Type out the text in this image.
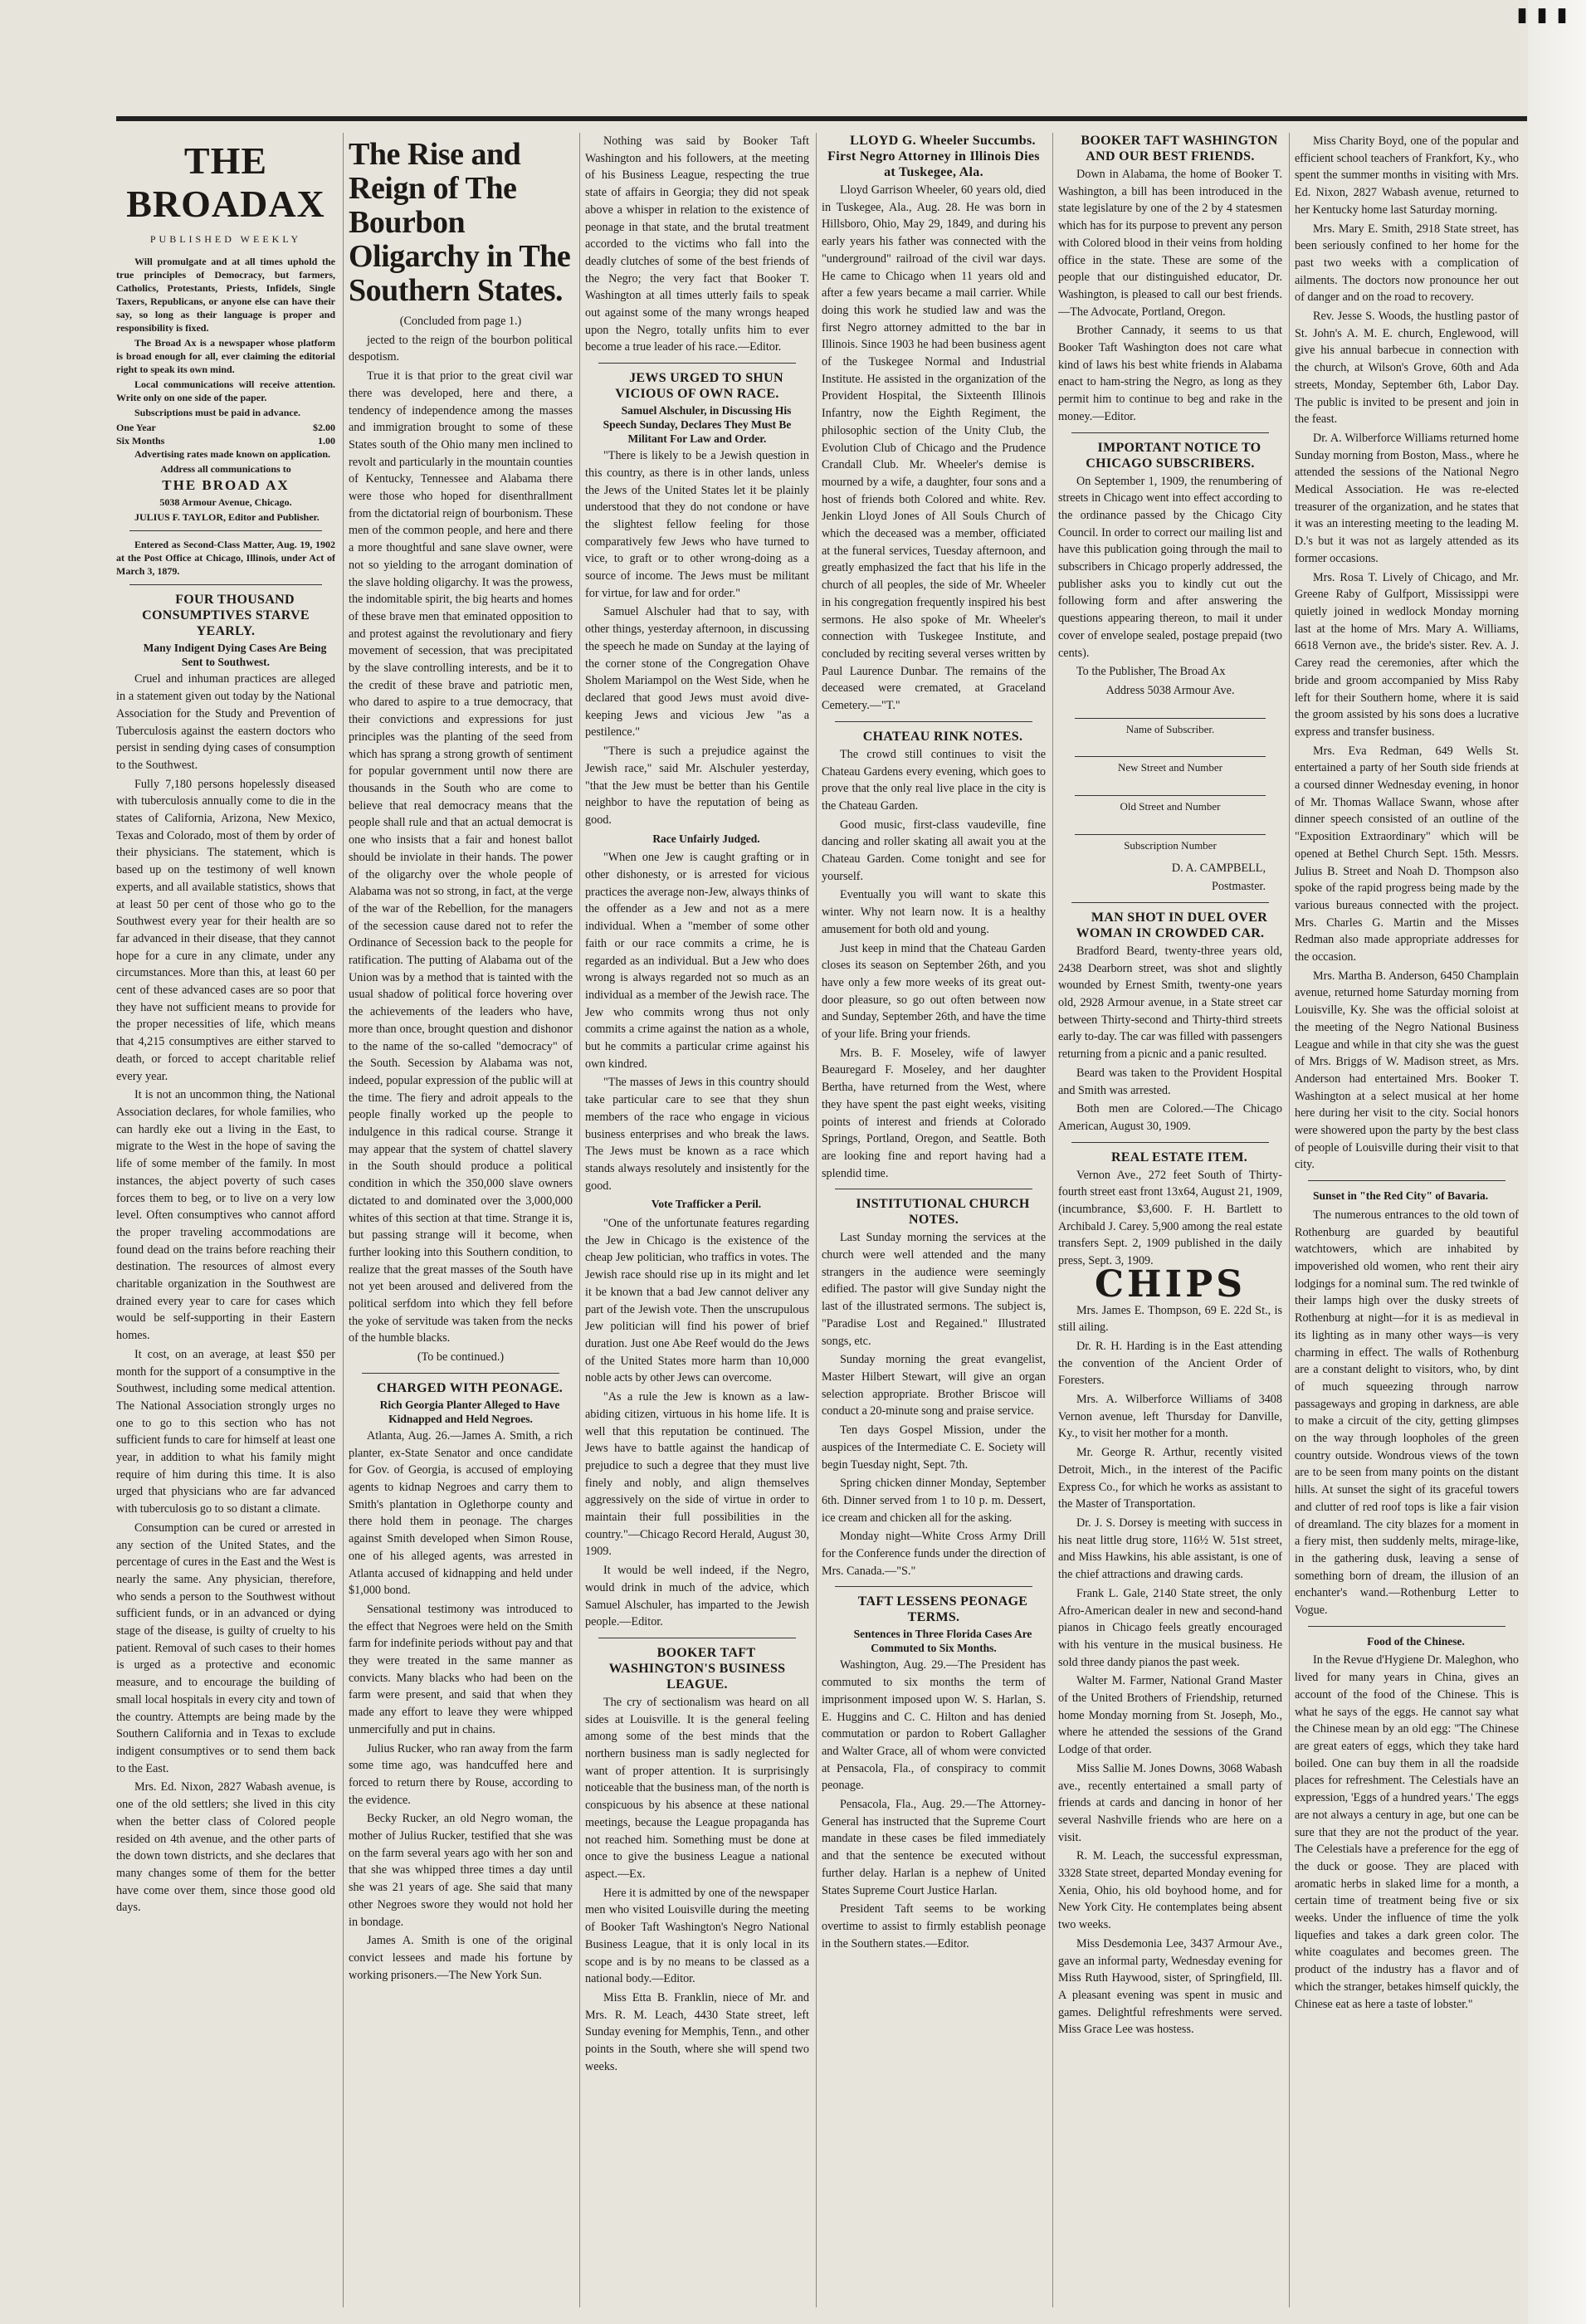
▮▮▮
THE BROADAX
PUBLISHED WEEKLY

Will promulgate and at all times uphold the true principles of Democracy, but farmers, Catholics, Protestants, Priests, Infidels, Single Taxers, Republicans, or anyone else can have their say, so long as their language is proper and responsibility is fixed.

The Broad Ax is a newspaper whose platform is broad enough for all, ever claiming the editorial right to speak its own mind.

Local communications will receive attention. Write only on one side of the paper.

Subscriptions must be paid in advance.

One Year	$2.00
Six Months	1.00

Advertising rates made known on application.

Address all communications to

THE BROAD AX

5038 Armour Avenue, Chicago.

JULIUS F. TAYLOR, Editor and Publisher.

Entered as Second-Class Matter, Aug. 19, 1902 at the Post Office at Chicago, Illinois, under Act of March 3, 1879.

FOUR THOUSAND CONSUMPTIVES STARVE YEARLY.

Many Indigent Dying Cases Are Being Sent to Southwest.

Cruel and inhuman practices are alleged in a statement given out today by the National Association for the Study and Prevention of Tuberculosis against the eastern doctors who persist in sending dying cases of consumption to the Southwest.

Fully 7,180 persons hopelessly diseased with tuberculosis annually come to die in the states of California, Arizona, New Mexico, Texas and Colorado, most of them by order of their physicians. The statement, which is based up on the testimony of well known experts, and all available statistics, shows that at least 50 per cent of those who go to the Southwest every year for their health are so far advanced in their disease, that they cannot hope for a cure in any climate, under any circumstances. More than this, at least 60 per cent of these advanced cases are so poor that they have not sufficient means to provide for the proper necessities of life, which means that 4,215 consumptives are either starved to death, or forced to accept charitable relief every year.

It is not an uncommon thing, the National Association declares, for whole families, who can hardly eke out a living in the East, to migrate to the West in the hope of saving the life of some member of the family. In most instances, the abject poverty of such cases forces them to beg, or to live on a very low level. Often consumptives who cannot afford the proper traveling accommodations are found dead on the trains before reaching their destination. The resources of almost every charitable organization in the Southwest are drained every year to care for cases which would be self-supporting in their Eastern homes.

It cost, on an average, at least $50 per month for the support of a consumptive in the Southwest, including some medical attention. The National Association strongly urges no one to go to this section who has not sufficient funds to care for himself at least one year, in addition to what his family might require of him during this time. It is also urged that physicians who are far advanced with tuberculosis go to so distant a climate.

Consumption can be cured or arrested in any section of the United States, and the percentage of cures in the East and the West is nearly the same. Any physician, therefore, who sends a person to the Southwest without sufficient funds, or in an advanced or dying stage of the disease, is guilty of cruelty to his patient. Removal of such cases to their homes is urged as a protective and economic measure, and to encourage the building of small local hospitals in every city and town of the country. Attempts are being made by the Southern California and in Texas to exclude indigent consumptives or to send them back to the East.

Mrs. Ed. Nixon, 2827 Wabash avenue, is one of the old settlers; she lived in this city when the better class of Colored people resided on 4th avenue, and the other parts of the down town districts, and she declares that many changes some of them for the better have come over them, since those good old days.

The Rise and Reign of The Bourbon Oligarchy in The Southern States.

(Concluded from page 1.)

jected to the reign of the bourbon political despotism.

True it is that prior to the great civil war there was developed, here and there, a tendency of independence among the masses and immigration brought to some of these States south of the Ohio many men inclined to revolt and particularly in the mountain counties of Kentucky, Tennessee and Alabama there were those who hoped for disenthrallment from the dictatorial reign of bourbonism. These men of the common people, and here and there a more thoughtful and sane slave owner, were not so yielding to the arrogant domination of the slave holding oligarchy. It was the prowess, the indomitable spirit, the big hearts and homes of these brave men that eminated opposition to and protest against the revolutionary and fiery movement of secession, that was precipitated by the slave controlling interests, and be it to the credit of these brave and patriotic men, who dared to aspire to a true democracy, that their convictions and expressions for just principles was the planting of the seed from which has sprang a strong growth of sentiment for popular government until now there are thousands in the South who are come to believe that real democracy means that the people shall rule and that an actual democrat is one who insists that a fair and honest ballot should be inviolate in their hands. The power of the oligarchy over the whole people of Alabama was not so strong, in fact, at the verge of the war of the Rebellion, for the managers of the secession cause dared not to refer the Ordinance of Secession back to the people for ratification. The putting of Alabama out of the Union was by a method that is tainted with the usual shadow of political force hovering over the achievements of the leaders who have, more than once, brought question and dishonor to the name of the so-called "democracy" of the South. Secession by Alabama was not, indeed, popular expression of the public will at the time. The fiery and adroit appeals to the people finally worked up the people to indulgence in this radical course. Strange it may appear that the system of chattel slavery in the South should produce a political condition in which the 350,000 slave owners dictated to and dominated over the 3,000,000 whites of this section at that time. Strange it is, but passing strange will it become, when further looking into this Southern condition, to realize that the great masses of the South have not yet been aroused and delivered from the political serfdom into which they fell before the yoke of servitude was taken from the necks of the humble blacks.

(To be continued.)

CHARGED WITH PEONAGE.

Rich Georgia Planter Alleged to Have Kidnapped and Held Negroes.

Atlanta, Aug. 26.—James A. Smith, a rich planter, ex-State Senator and once candidate for Gov. of Georgia, is accused of employing agents to kidnap Negroes and carry them to Smith's plantation in Oglethorpe county and there hold them in peonage. The charges against Smith developed when Simon Rouse, one of his alleged agents, was arrested in Atlanta accused of kidnapping and held under $1,000 bond.

Sensational testimony was introduced to the effect that Negroes were held on the Smith farm for indefinite periods without pay and that they were treated in the same manner as convicts. Many blacks who had been on the farm were present, and said that when they made any effort to leave they were whipped unmercifully and put in chains.

Julius Rucker, who ran away from the farm some time ago, was handcuffed here and forced to return there by Rouse, according to the evidence.

Becky Rucker, an old Negro woman, the mother of Julius Rucker, testified that she was on the farm several years ago with her son and that she was whipped three times a day until she was 21 years of age. She said that many other Negroes swore they would not hold her in bondage.

James A. Smith is one of the original convict lessees and made his fortune by working prisoners.—The New York Sun.

Nothing was said by Booker Taft Washington and his followers, at the meeting of his Business League, respecting the true state of affairs in Georgia; they did not speak above a whisper in relation to the existence of peonage in that state, and the brutal treatment accorded to the victims who fall into the deadly clutches of some of the best friends of the Negro; the very fact that Booker T. Washington at all times utterly fails to speak out against some of the many wrongs heaped upon the Negro, totally unfits him to ever become a true leader of his race.—Editor.

JEWS URGED TO SHUN VICIOUS OF OWN RACE.

Samuel Alschuler, in Discussing His Speech Sunday, Declares They Must Be Militant For Law and Order.

"There is likely to be a Jewish question in this country, as there is in other lands, unless the Jews of the United States let it be plainly understood that they do not condone or have the slightest fellow feeling for those comparatively few Jews who have turned to vice, to graft or to other wrong-doing as a source of income. The Jews must be militant for virtue, for law and for order."

Samuel Alschuler had that to say, with other things, yesterday afternoon, in discussing the speech he made on Sunday at the laying of the corner stone of the Congregation Ohave Sholem Mariampol on the West Side, when he declared that good Jews must avoid dive-keeping Jews and vicious Jew "as a pestilence."

"There is such a prejudice against the Jewish race," said Mr. Alschuler yesterday, "that the Jew must be better than his Gentile neighbor to have the reputation of being as good.

Race Unfairly Judged.

"When one Jew is caught grafting or in other dishonesty, or is arrested for vicious practices the average non-Jew, always thinks of the offender as a Jew and not as a mere individual. When a "member of some other faith or our race commits a crime, he is regarded as an individual. But a Jew who does wrong is always regarded not so much as an individual as a member of the Jewish race. The Jew who commits wrong thus not only commits a crime against the nation as a whole, but he commits a particular crime against his own kindred.

"The masses of Jews in this country should take particular care to see that they shun members of the race who engage in vicious business enterprises and who break the laws. The Jews must be known as a race which stands always resolutely and insistently for the good.

Vote Trafficker a Peril.

"One of the unfortunate features regarding the Jew in Chicago is the existence of the cheap Jew politician, who traffics in votes. The Jewish race should rise up in its might and let it be known that a bad Jew cannot deliver any part of the Jewish vote. Then the unscrupulous Jew politician will find his power of brief duration. Just one Abe Reef would do the Jews of the United States more harm than 10,000 noble acts by other Jews can overcome.

"As a rule the Jew is known as a law-abiding citizen, virtuous in his home life. It is well that this reputation be continued. The Jews have to battle against the handicap of prejudice to such a degree that they must live finely and nobly, and align themselves aggressively on the side of virtue in order to maintain their full possibilities in the country."—Chicago Record Herald, August 30, 1909.

It would be well indeed, if the Negro, would drink in much of the advice, which Samuel Alschuler, has imparted to the Jewish people.—Editor.

BOOKER TAFT WASHINGTON'S BUSINESS LEAGUE.

The cry of sectionalism was heard on all sides at Louisville. It is the general feeling among some of the best minds that the northern business man is sadly neglected for want of proper attention. It is surprisingly noticeable that the business man, of the north is conspicuous by his absence at these national meetings, because the League propaganda has not reached him. Something must be done at once to give the business League a national aspect.—Ex.

Here it is admitted by one of the newspaper men who visited Louisville during the meeting of Booker Taft Washington's Negro National Business League, that it is only local in its scope and is by no means to be classed as a national body.—Editor.

Miss Etta B. Franklin, niece of Mr. and Mrs. R. M. Leach, 4430 State street, left Sunday evening for Memphis, Tenn., and other points in the South, where she will spend two weeks.

LLOYD G. Wheeler Succumbs. First Negro Attorney in Illinois Dies at Tuskegee, Ala.

Lloyd Garrison Wheeler, 60 years old, died in Tuskegee, Ala., Aug. 28. He was born in Hillsboro, Ohio, May 29, 1849, and during his early years his father was connected with the "underground" railroad of the civil war days. He came to Chicago when 11 years old and after a few years became a mail carrier. While doing this work he studied law and was the first Negro attorney admitted to the bar in Illinois. Since 1903 he had been business agent of the Tuskegee Normal and Industrial Institute. He assisted in the organization of the Provident Hospital, the Sixteenth Illinois Infantry, now the Eighth Regiment, the philosophic section of the Unity Club, the Evolution Club of Chicago and the Prudence Crandall Club. Mr. Wheeler's demise is mourned by a wife, a daughter, four sons and a host of friends both Colored and white. Rev. Jenkin Lloyd Jones of All Souls Church of which the deceased was a member, officiated at the funeral services, Tuesday afternoon, and greatly emphasized the fact that his life in the church of all peoples, the side of Mr. Wheeler in his congregation frequently inspired his best sermons. He also spoke of Mr. Wheeler's connection with Tuskegee Institute, and concluded by reciting several verses written by Paul Laurence Dunbar. The remains of the deceased were cremated, at Graceland Cemetery.—"T."

CHATEAU RINK NOTES.

The crowd still continues to visit the Chateau Gardens every evening, which goes to prove that the only real live place in the city is the Chateau Garden.

Good music, first-class vaudeville, fine dancing and roller skating all await you at the Chateau Garden. Come tonight and see for yourself.

Eventually you will want to skate this winter. Why not learn now. It is a healthy amusement for both old and young.

Just keep in mind that the Chateau Garden closes its season on September 26th, and you have only a few more weeks of its great out-door pleasure, so go out often between now and Sunday, September 26th, and have the time of your life. Bring your friends.

Mrs. B. F. Moseley, wife of lawyer Beauregard F. Moseley, and her daughter Bertha, have returned from the West, where they have spent the past eight weeks, visiting points of interest and friends at Colorado Springs, Portland, Oregon, and Seattle. Both are looking fine and report having had a splendid time.

INSTITUTIONAL CHURCH NOTES.

Last Sunday morning the services at the church were well attended and the many strangers in the audience were seemingly edified. The pastor will give Sunday night the last of the illustrated sermons. The subject is, "Paradise Lost and Regained." Illustrated songs, etc.

Sunday morning the great evangelist, Master Hilbert Stewart, will give an organ selection appropriate. Brother Briscoe will conduct a 20-minute song and praise service.

Ten days Gospel Mission, under the auspices of the Intermediate C. E. Society will begin Tuesday night, Sept. 7th.

Spring chicken dinner Monday, September 6th. Dinner served from 1 to 10 p. m. Dessert, ice cream and chicken all for the asking.

Monday night—White Cross Army Drill for the Conference funds under the direction of Mrs. Canada.—"S."

TAFT LESSENS PEONAGE TERMS.

Sentences in Three Florida Cases Are Commuted to Six Months.

Washington, Aug. 29.—The President has commuted to six months the term of imprisonment imposed upon W. S. Harlan, S. E. Huggins and C. C. Hilton and has denied commutation or pardon to Robert Gallagher and Walter Grace, all of whom were convicted at Pensacola, Fla., of conspiracy to commit peonage.

Pensacola, Fla., Aug. 29.—The Attorney-General has instructed that the Supreme Court mandate in these cases be filed immediately and that the sentence be executed without further delay. Harlan is a nephew of United States Supreme Court Justice Harlan.

President Taft seems to be working overtime to assist to firmly establish peonage in the Southern states.—Editor.

BOOKER TAFT WASHINGTON AND OUR BEST FRIENDS.

Down in Alabama, the home of Booker T. Washington, a bill has been introduced in the state legislature by one of the 2 by 4 statesmen which has for its purpose to prevent any person with Colored blood in their veins from holding office in the state. These are some of the people that our distinguished educator, Dr. Washington, is pleased to call our best friends. —The Advocate, Portland, Oregon.

Brother Cannady, it seems to us that Booker Taft Washington does not care what kind of laws his best white friends in Alabama enact to ham-string the Negro, as long as they permit him to continue to beg and rake in the money.—Editor.

IMPORTANT NOTICE TO CHICAGO SUBSCRIBERS.

On September 1, 1909, the renumbering of streets in Chicago went into effect according to the ordinance passed by the Chicago City Council. In order to correct our mailing list and have this publication going through the mail to subscribers in Chicago properly addressed, the publisher asks you to kindly cut out the following form and after answering the questions appearing thereon, to mail it under cover of envelope sealed, postage prepaid (two cents).

To the Publisher, The Broad Ax

Address 5038 Armour Ave.

Name of Subscriber.
New Street and Number
Old Street and Number
Subscription Number

D. A. CAMPBELL,

Postmaster.

MAN SHOT IN DUEL OVER WOMAN IN CROWDED CAR.

Bradford Beard, twenty-three years old, 2438 Dearborn street, was shot and slightly wounded by Ernest Smith, twenty-one years old, 2928 Armour avenue, in a State street car between Thirty-second and Thirty-third streets early to-day. The car was filled with passengers returning from a picnic and a panic resulted.

Beard was taken to the Provident Hospital and Smith was arrested.

Both men are Colored.—The Chicago American, August 30, 1909.

REAL ESTATE ITEM.

Vernon Ave., 272 feet South of Thirty-fourth street east front 13x64, August 21, 1909, (incumbrance, $3,600. F. H. Bartlett to Archibald J. Carey. 5,900 among the real estate transfers Sept. 2, 1909 published in the daily press, Sept. 3, 1909.

CHIPS

Mrs. James E. Thompson, 69 E. 22d St., is still ailing.

Dr. R. H. Harding is in the East attending the convention of the Ancient Order of Foresters.

Mrs. A. Wilberforce Williams of 3408 Vernon avenue, left Thursday for Danville, Ky., to visit her mother for a month.

Mr. George R. Arthur, recently visited Detroit, Mich., in the interest of the Pacific Express Co., for which he works as assistant to the Master of Transportation.

Dr. J. S. Dorsey is meeting with success in his neat little drug store, 116½ W. 51st street, and Miss Hawkins, his able assistant, is one of the chief attractions and drawing cards.

Frank L. Gale, 2140 State street, the only Afro-American dealer in new and second-hand pianos in Chicago feels greatly encouraged with his venture in the musical business. He sold three dandy pianos the past week.

Walter M. Farmer, National Grand Master of the United Brothers of Friendship, returned home Monday morning from St. Joseph, Mo., where he attended the sessions of the Grand Lodge of that order.

Miss Sallie M. Jones Downs, 3068 Wabash ave., recently entertained a small party of friends at cards and dancing in honor of her several Nashville friends who are here on a visit.

R. M. Leach, the successful expressman, 3328 State street, departed Monday evening for Xenia, Ohio, his old boyhood home, and for New York City. He contemplates being absent two weeks.

Miss Desdemonia Lee, 3437 Armour Ave., gave an informal party, Wednesday evening for Miss Ruth Haywood, sister, of Springfield, Ill. A pleasant evening was spent in music and games. Delightful refreshments were served. Miss Grace Lee was hostess.

Miss Charity Boyd, one of the popular and efficient school teachers of Frankfort, Ky., who spent the summer months in visiting with Mrs. Ed. Nixon, 2827 Wabash avenue, returned to her Kentucky home last Saturday morning.

Mrs. Mary E. Smith, 2918 State street, has been seriously confined to her home for the past two weeks with a complication of ailments. The doctors now pronounce her out of danger and on the road to recovery.

Rev. Jesse S. Woods, the hustling pastor of St. John's A. M. E. church, Englewood, will give his annual barbecue in connection with the church, at Wilson's Grove, 60th and Ada streets, Monday, September 6th, Labor Day. The public is invited to be present and join in the feast.

Dr. A. Wilberforce Williams returned home Sunday morning from Boston, Mass., where he attended the sessions of the National Negro Medical Association. He was re-elected treasurer of the organization, and he states that it was an interesting meeting to the leading M. D.'s but it was not as largely attended as its former occasions.

Mrs. Rosa T. Lively of Chicago, and Mr. Greene Raby of Gulfport, Mississippi were quietly joined in wedlock Monday morning last at the home of Mrs. Mary A. Williams, 6618 Vernon ave., the bride's sister. Rev. A. J. Carey read the ceremonies, after which the bride and groom accompanied by Miss Raby left for their Southern home, where it is said the groom assisted by his sons does a lucrative express and transfer business.

Mrs. Eva Redman, 649 Wells St. entertained a party of her South side friends at a coursed dinner Wednesday evening, in honor of Mr. Thomas Wallace Swann, whose after dinner speech consisted of an outline of the "Exposition Extraordinary" which will be opened at Bethel Church Sept. 15th. Messrs. Julius B. Street and Noah D. Thompson also spoke of the rapid progress being made by the various bureaus connected with the project. Mrs. Charles G. Martin and the Misses Redman also made appropriate addresses for the occasion.

Mrs. Martha B. Anderson, 6450 Champlain avenue, returned home Saturday morning from Louisville, Ky. She was the official soloist at the meeting of the Negro National Business League and while in that city she was the guest of Mrs. Briggs of W. Madison street, as Mrs. Anderson had entertained Mrs. Booker T. Washington at a select musical at her home here during her visit to the city. Social honors were showered upon the party by the best class of people of Louisville during their visit to that city.

Sunset in "the Red City" of Bavaria.

The numerous entrances to the old town of Rothenburg are guarded by beautiful watchtowers, which are inhabited by impoverished old women, who rent their airy lodgings for a nominal sum. The red twinkle of their lamps high over the dusky streets of Rothenburg at night—for it is as medieval in its lighting as in many other ways—is very charming in effect. The walls of Rothenburg are a constant delight to visitors, who, by dint of much squeezing through narrow passageways and groping in darkness, are able to make a circuit of the city, getting glimpses on the way through loopholes of the green country outside. Wondrous views of the town are to be seen from many points on the distant hills. At sunset the sight of its graceful towers and clutter of red roof tops is like a fair vision of dreamland. The city blazes for a moment in a fiery mist, then suddenly melts, mirage-like, in the gathering dusk, leaving a sense of something born of dream, the illusion of an enchanter's wand.—Rothenburg Letter to Vogue.

Food of the Chinese.

In the Revue d'Hygiene Dr. Maleghon, who lived for many years in China, gives an account of the food of the Chinese. This is what he says of the eggs. He cannot say what the Chinese mean by an old egg: "The Chinese are great eaters of eggs, which they take hard boiled. One can buy them in all the roadside places for refreshment. The Celestials have an expression, 'Eggs of a hundred years.' The eggs are not always a century in age, but one can be sure that they are not the product of the year. The Celestials have a preference for the egg of the duck or goose. They are placed with aromatic herbs in slaked lime for a month, a certain time of treatment being five or six weeks. Under the influence of time the yolk liquefies and takes a dark green color. The white coagulates and becomes green. The product of the industry has a flavor and of which the stranger, betakes himself quickly, the Chinese eat as here a taste of lobster."
